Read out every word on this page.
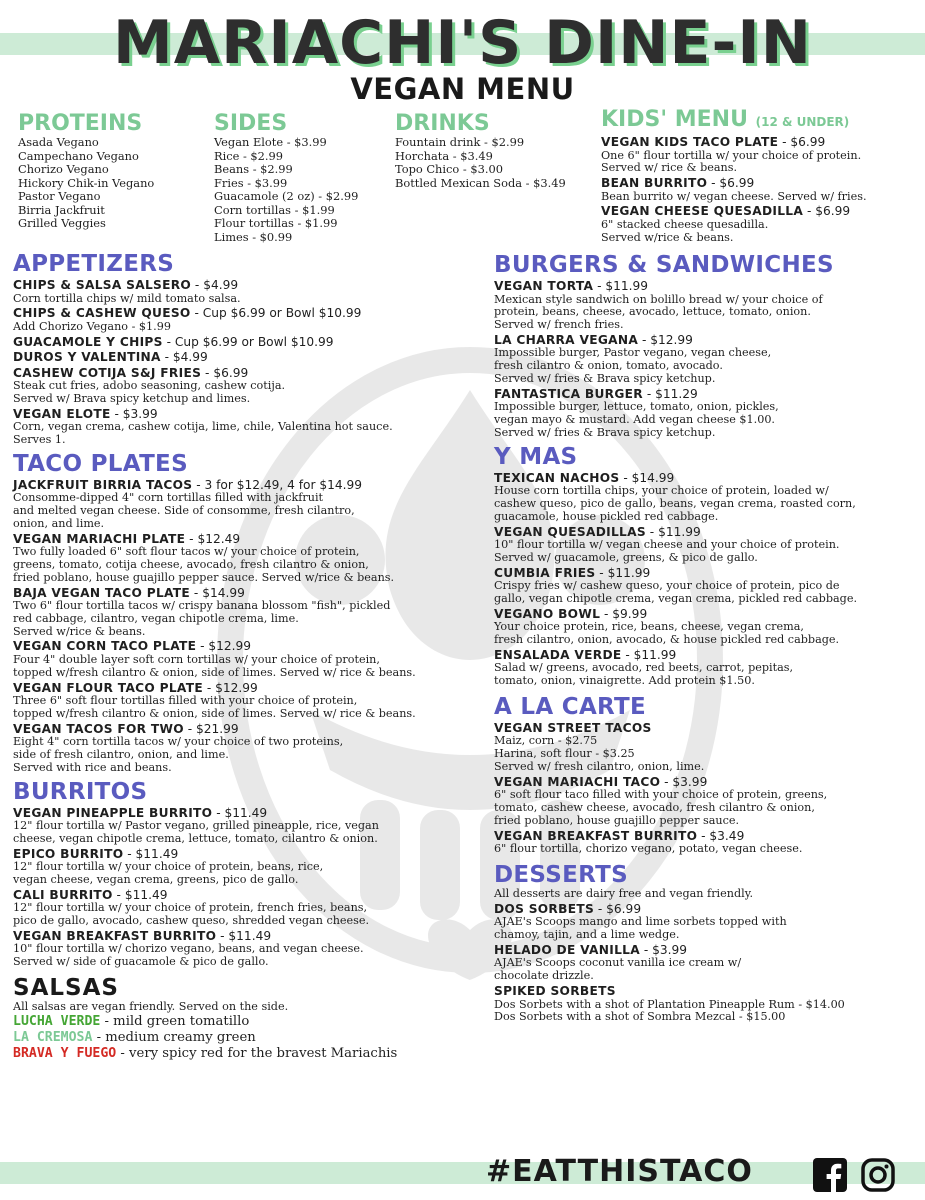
MARIACHI'S DINE-IN
VEGAN MENU
PROTEINS
Asada Vegano
Campechano Vegano
Chorizo Vegano
Hickory Chik-in Vegano
Pastor Vegano
Birria Jackfruit
Grilled Veggies
SIDES
Vegan Elote - $3.99
Rice - $2.99
Beans - $2.99
Fries - $3.99
Guacamole (2 oz) - $2.99
Corn tortillas - $1.99
Flour tortillas - $1.99
Limes - $0.99
DRINKS
Fountain drink - $2.99
Horchata - $3.49
Topo Chico - $3.00
Bottled Mexican Soda - $3.49
KIDS' MENU (12 & UNDER)
VEGAN KIDS TACO PLATE - $6.99
One 6" flour tortilla w/ your choice of protein.
Served w/ rice & beans.
BEAN BURRITO - $6.99
Bean burrito w/ vegan cheese. Served w/ fries.
VEGAN CHEESE QUESADILLA - $6.99
6" stacked cheese quesadilla.
Served w/rice & beans.
APPETIZERS
CHIPS & SALSA SALSERO - $4.99
Corn tortilla chips w/ mild tomato salsa.
CHIPS & CASHEW QUESO - Cup $6.99 or Bowl $10.99
Add Chorizo Vegano - $1.99
GUACAMOLE Y CHIPS - Cup $6.99 or Bowl $10.99
DUROS Y VALENTINA - $4.99
CASHEW COTIJA S&J FRIES - $6.99
Steak cut fries, adobo seasoning, cashew cotija.
Served w/ Brava spicy ketchup and limes.
VEGAN ELOTE - $3.99
Corn, vegan crema, cashew cotija, lime, chile, Valentina hot sauce.
Serves 1.
TACO PLATES
JACKFRUIT BIRRIA TACOS - 3 for $12.49, 4 for $14.99
Consomme-dipped 4" corn tortillas filled with jackfruit
and melted vegan cheese. Side of consomme, fresh cilantro,
onion, and lime.
VEGAN MARIACHI PLATE - $12.49
Two fully loaded 6" soft flour tacos w/ your choice of protein,
greens, tomato, cotija cheese, avocado, fresh cilantro & onion,
fried poblano, house guajillo pepper sauce. Served w/rice & beans.
BAJA VEGAN TACO PLATE - $14.99
Two 6" flour tortilla tacos w/ crispy banana blossom "fish", pickled
red cabbage, cilantro, vegan chipotle crema, lime.
Served w/rice & beans.
VEGAN CORN TACO PLATE - $12.99
Four 4" double layer soft corn tortillas w/ your choice of protein,
topped w/fresh cilantro & onion, side of limes. Served w/ rice & beans.
VEGAN FLOUR TACO PLATE - $12.99
Three 6" soft flour tortillas filled with your choice of protein,
topped w/fresh cilantro & onion, side of limes. Served w/ rice & beans.
VEGAN TACOS FOR TWO - $21.99
Eight 4" corn tortilla tacos w/ your choice of two proteins,
side of fresh cilantro, onion, and lime.
Served with rice and beans.
BURRITOS
VEGAN PINEAPPLE BURRITO - $11.49
12" flour tortilla w/ Pastor vegano, grilled pineapple, rice, vegan
cheese, vegan chipotle crema, lettuce, tomato, cilantro & onion.
EPICO BURRITO - $11.49
12" flour tortilla w/ your choice of protein, beans, rice,
vegan cheese, vegan crema, greens, pico de gallo.
CALI BURRITO - $11.49
12" flour tortilla w/ your choice of protein, french fries, beans,
pico de gallo, avocado, cashew queso, shredded vegan cheese.
VEGAN BREAKFAST BURRITO - $11.49
10" flour tortilla w/ chorizo vegano, beans, and vegan cheese.
Served w/ side of guacamole & pico de gallo.
SALSAS
All salsas are vegan friendly. Served on the side.
LUCHA VERDE - mild green tomatillo
LA CREMOSA - medium creamy green
BRAVA Y FUEGO - very spicy red for the bravest Mariachis
BURGERS & SANDWICHES
VEGAN TORTA - $11.99
Mexican style sandwich on bolillo bread w/ your choice of
protein, beans, cheese, avocado, lettuce, tomato, onion.
Served w/ french fries.
LA CHARRA VEGANA - $12.99
Impossible burger, Pastor vegano, vegan cheese,
fresh cilantro & onion, tomato, avocado.
Served w/ fries & Brava spicy ketchup.
FANTASTICA BURGER - $11.29
Impossible burger, lettuce, tomato, onion, pickles,
vegan mayo & mustard. Add vegan cheese $1.00.
Served w/ fries & Brava spicy ketchup.
Y MAS
TEXICAN NACHOS - $14.99
House corn tortilla chips, your choice of protein, loaded w/
cashew queso, pico de gallo, beans, vegan crema, roasted corn,
guacamole, house pickled red cabbage.
VEGAN QUESADILLAS - $11.99
10" flour tortilla w/ vegan cheese and your choice of protein.
Served w/ guacamole, greens, & pico de gallo.
CUMBIA FRIES - $11.99
Crispy fries w/ cashew queso, your choice of protein, pico de
gallo, vegan chipotle crema, vegan crema, pickled red cabbage.
VEGANO BOWL - $9.99
Your choice protein, rice, beans, cheese, vegan crema,
fresh cilantro, onion, avocado, & house pickled red cabbage.
ENSALADA VERDE - $11.99
Salad w/ greens, avocado, red beets, carrot, pepitas,
tomato, onion, vinaigrette. Add protein $1.50.
A LA CARTE
VEGAN STREET TACOS
Maiz, corn - $2.75
Harina, soft flour - $3.25
Served w/ fresh cilantro, onion, lime.
VEGAN MARIACHI TACO - $3.99
6" soft flour taco filled with your choice of protein, greens,
tomato, cashew cheese, avocado, fresh cilantro & onion,
fried poblano, house guajillo pepper sauce.
VEGAN BREAKFAST BURRITO - $3.49
6" flour tortilla, chorizo vegano, potato, vegan cheese.
DESSERTS
All desserts are dairy free and vegan friendly.
DOS SORBETS - $6.99
AJAE's Scoops mango and lime sorbets topped with
chamoy, tajin, and a lime wedge.
HELADO DE VANILLA - $3.99
AJAE's Scoops coconut vanilla ice cream w/
chocolate drizzle.
SPIKED SORBETS
Dos Sorbets with a shot of Plantation Pineapple Rum - $14.00
Dos Sorbets with a shot of Sombra Mezcal - $15.00
#EATTHISTACO
